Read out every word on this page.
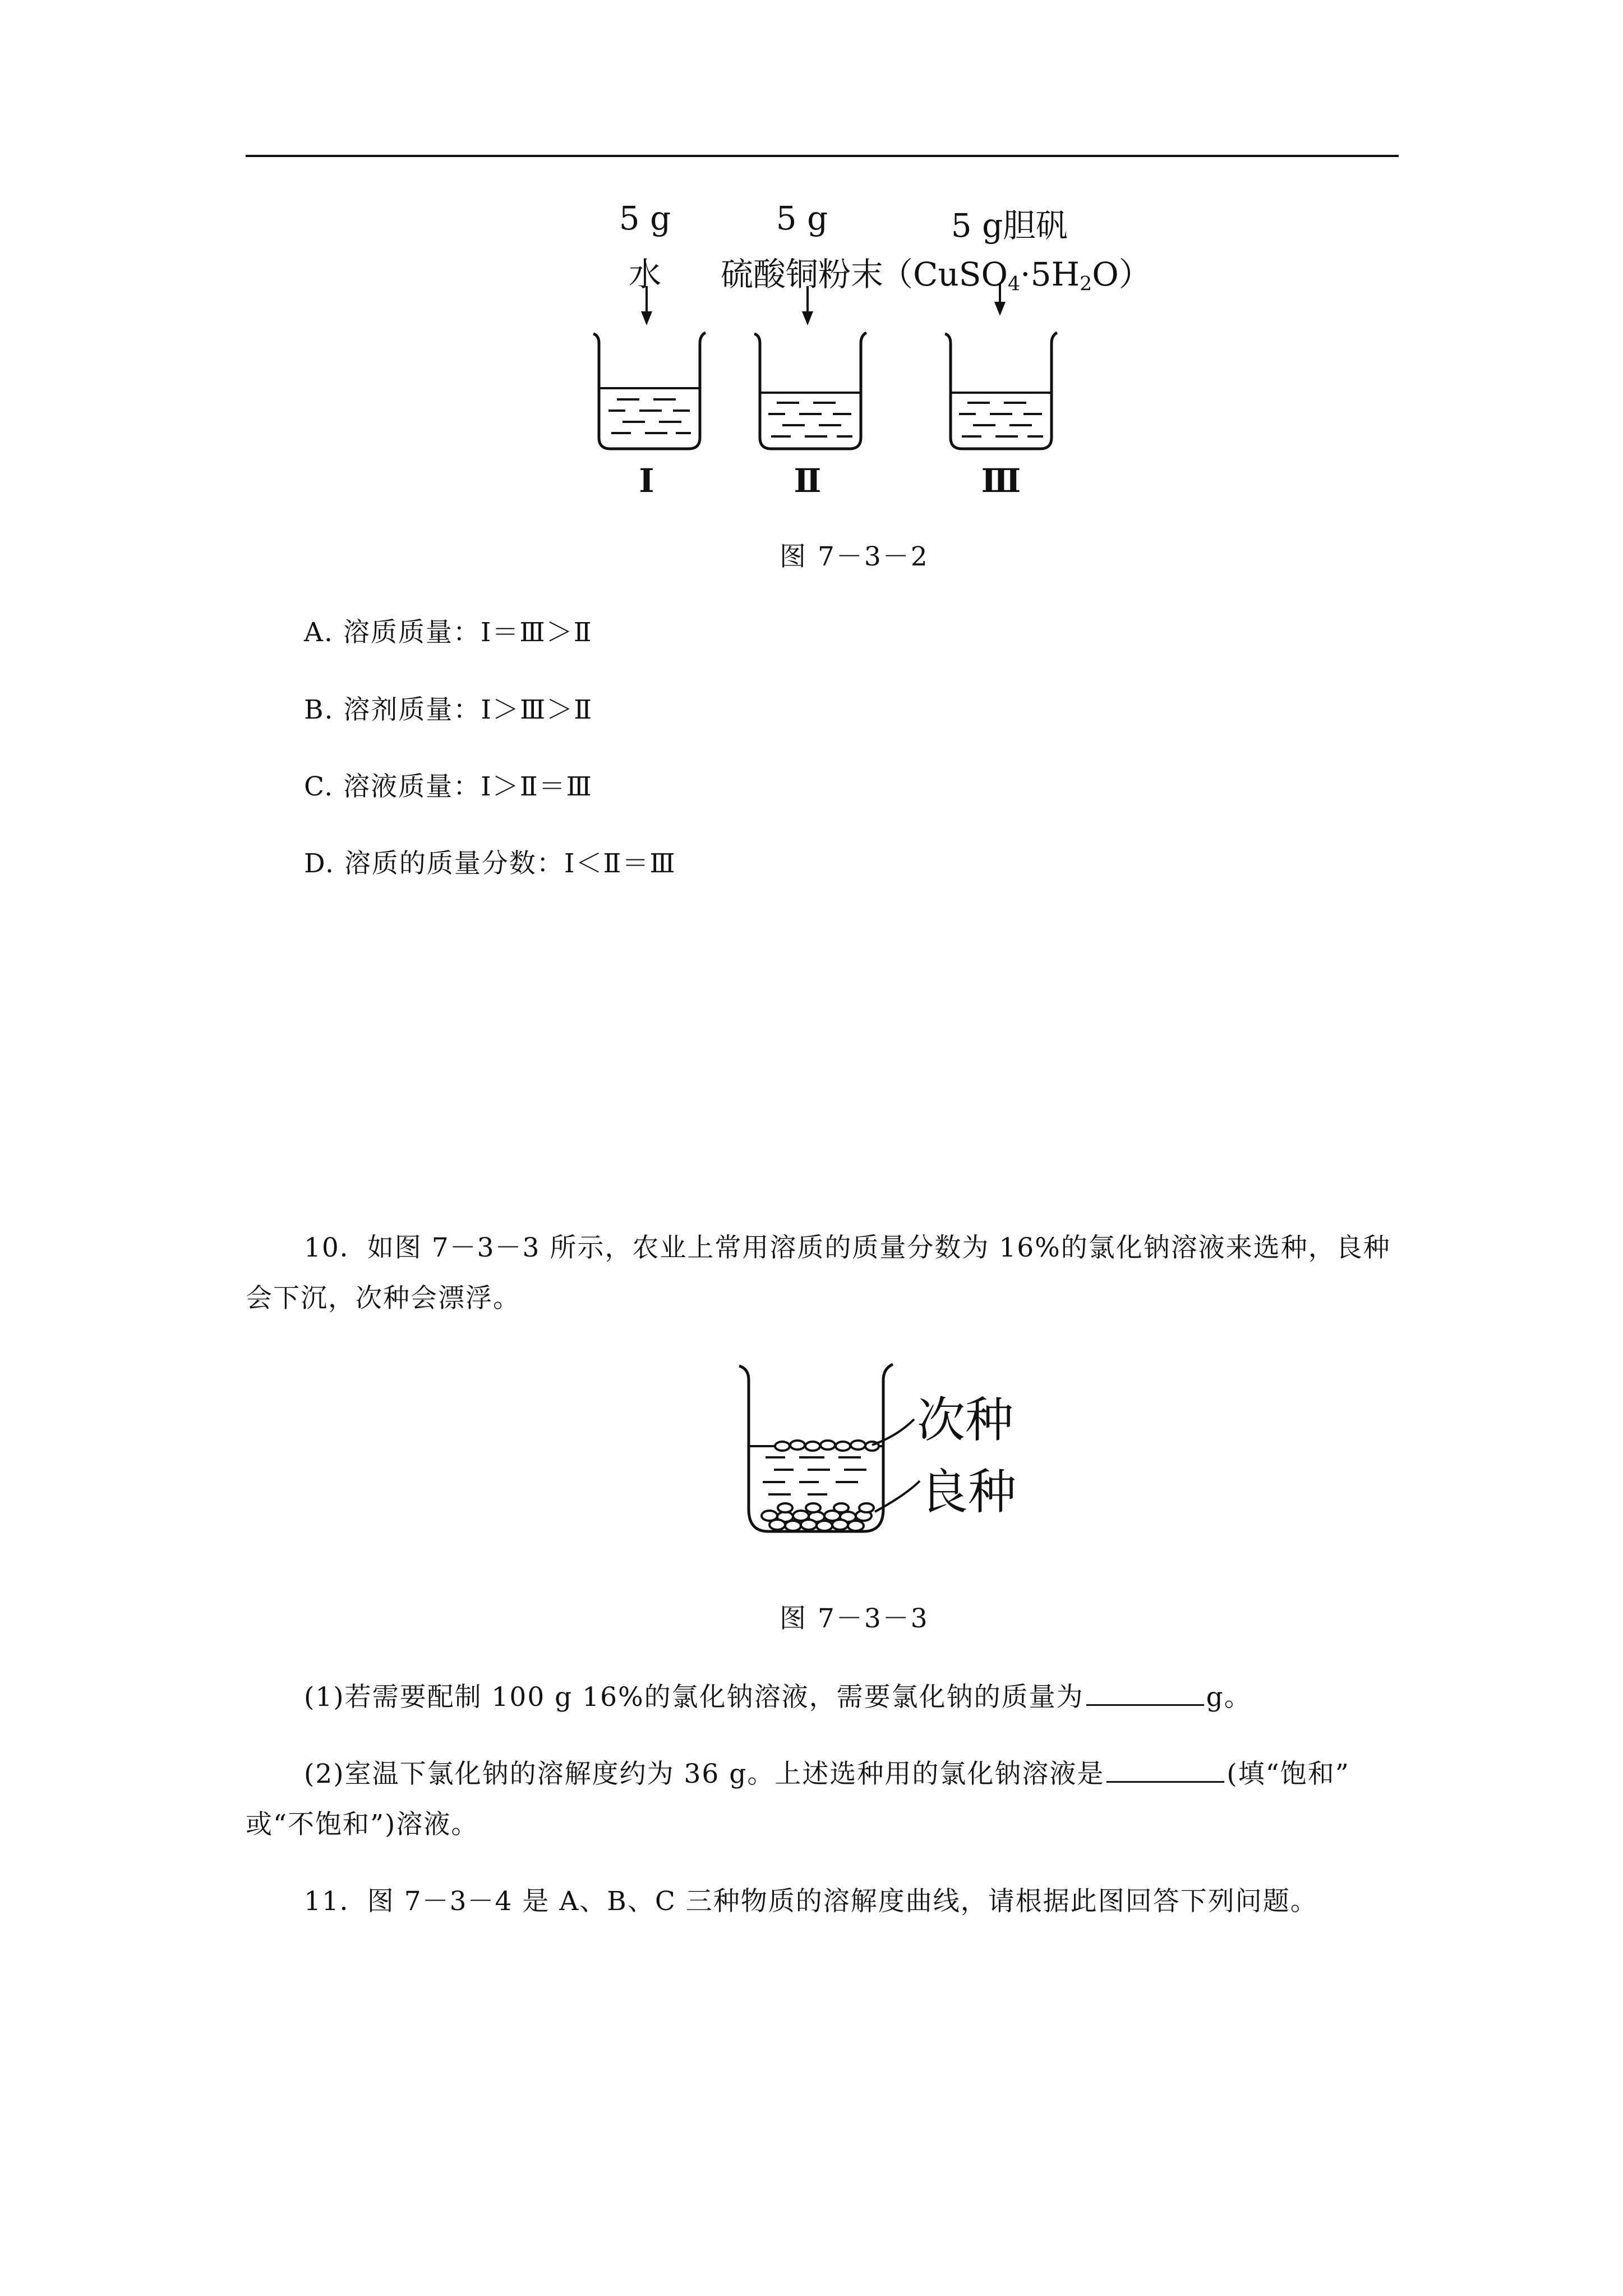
5 g
水
5 g
硫酸铜粉末
5 g胆矾
$(CuSO_4\cdot 5H_2O)$
Ⅰ	Ⅱ	Ⅲ
图 7－3－2
A. 溶质质量：Ⅰ＝Ⅲ＞Ⅱ
B. 溶剂质量：Ⅰ＞Ⅲ＞Ⅱ
C. 溶液质量：Ⅰ＞Ⅱ＝Ⅲ
D. 溶质的质量分数：Ⅰ＜Ⅱ＝Ⅲ
10．如图 7－3－3 所示，农业上常用溶质的质量分数为 16%的氯化钠溶液来选种，良种
会下沉，次种会漂浮。
次种
良种
图 7－3－3
(1)若需要配制 100 g 16%的氯化钠溶液，需要氯化钠的质量为	g。
(2)室温下氯化钠的溶解度约为 36 g。上述选种用的氯化钠溶液是	(填“饱和”
或“不饱和”)溶液。
11．图 7－3－4 是 A、B、C 三种物质的溶解度曲线，请根据此图回答下列问题。
